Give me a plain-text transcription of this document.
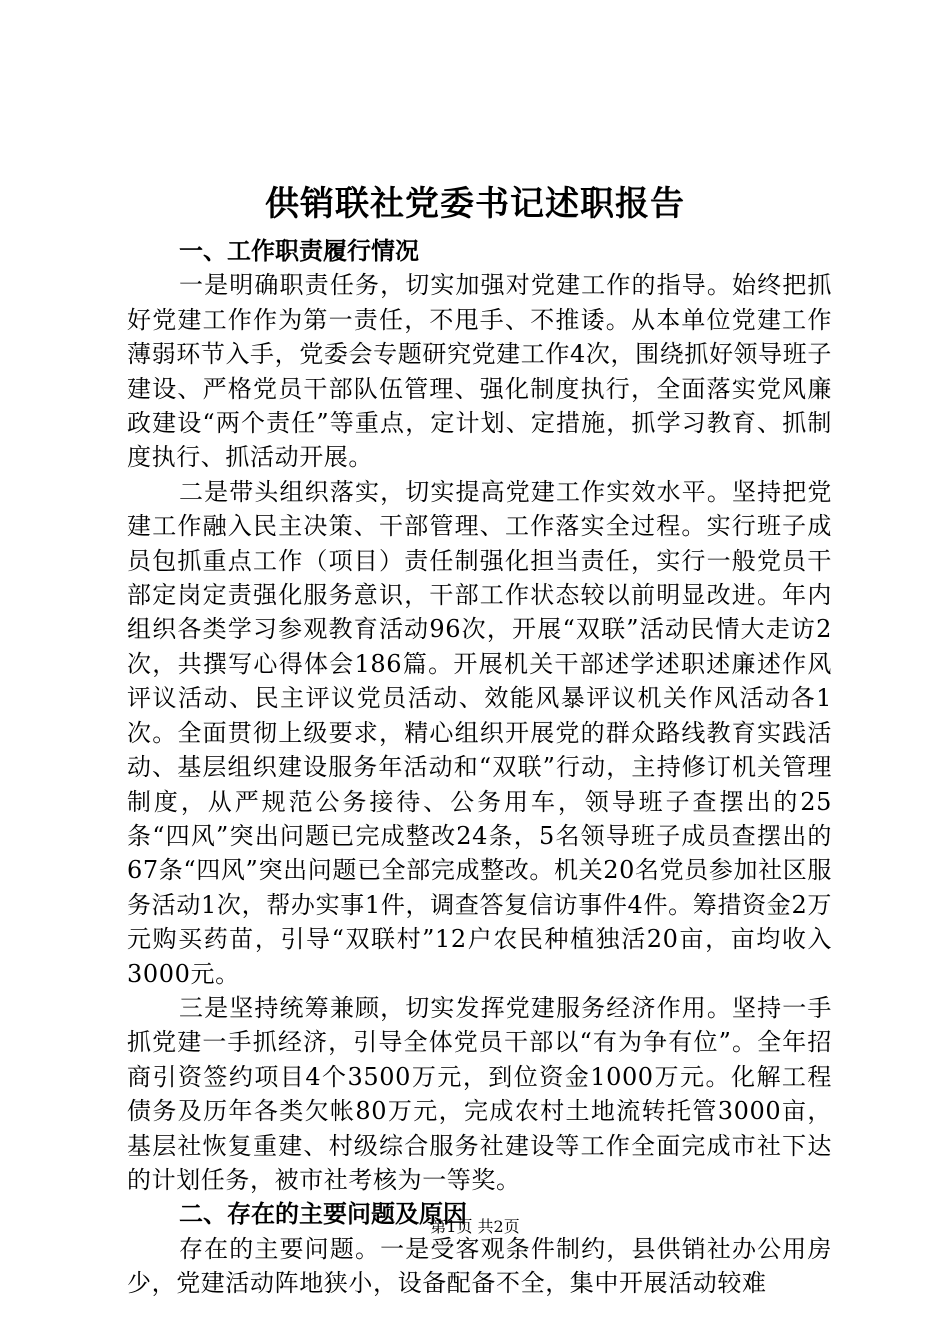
供销联社党委书记述职报告

一、工作职责履行情况

一是明确职责任务，切实加强对党建工作的指导。始终把抓好党建工作作为第一责任，不甩手、不推诿。从本单位党建工作薄弱环节入手，党委会专题研究党建工作4次，围绕抓好领导班子建设、严格党员干部队伍管理、强化制度执行，全面落实党风廉政建设“两个责任”等重点，定计划、定措施，抓学习教育、抓制度执行、抓活动开展。

二是带头组织落实，切实提高党建工作实效水平。坚持把党建工作融入民主决策、干部管理、工作落实全过程。实行班子成员包抓重点工作（项目）责任制强化担当责任，实行一般党员干部定岗定责强化服务意识，干部工作状态较以前明显改进。年内组织各类学习参观教育活动96次，开展“双联”活动民情大走访2次，共撰写心得体会186篇。开展机关干部述学述职述廉述作风评议活动、民主评议党员活动、效能风暴评议机关作风活动各1次。全面贯彻上级要求，精心组织开展党的群众路线教育实践活动、基层组织建设服务年活动和“双联”行动，主持修订机关管理制度，从严规范公务接待、公务用车，领导班子查摆出的25条“四风”突出问题已完成整改24条，5名领导班子成员查摆出的67条“四风”突出问题已全部完成整改。机关20名党员参加社区服务活动1次，帮办实事1件，调查答复信访事件4件。筹措资金2万元购买药苗，引导“双联村”12户农民种植独活20亩，亩均收入3000元。

三是坚持统筹兼顾，切实发挥党建服务经济作用。坚持一手抓党建一手抓经济，引导全体党员干部以“有为争有位”。全年招商引资签约项目4个3500万元，到位资金1000万元。化解工程债务及历年各类欠帐80万元，完成农村土地流转托管3000亩，基层社恢复重建、村级综合服务社建设等工作全面完成市社下达的计划任务，被市社考核为一等奖。

二、存在的主要问题及原因

存在的主要问题。一是受客观条件制约，县供销社办公用房少，党建活动阵地狭小，设备配备不全，集中开展活动较难

第1页 共2页
